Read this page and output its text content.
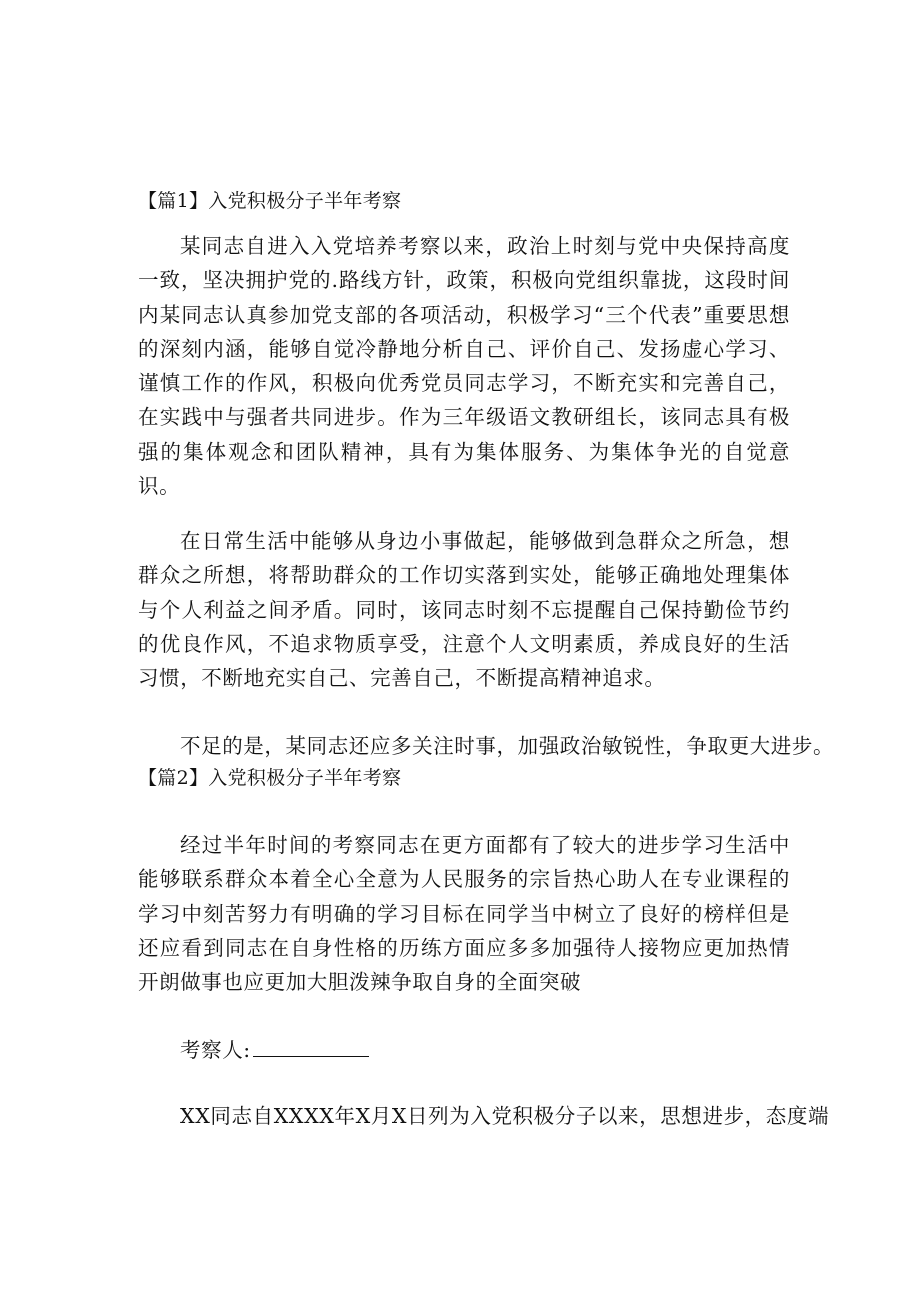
【篇1】入党积极分子半年考察
某同志自进入入党培养考察以来，政治上时刻与党中央保持高度一致，坚决拥护党的.路线方针，政策，积极向党组织靠拢，这段时间内某同志认真参加党支部的各项活动，积极学习“三个代表”重要思想的深刻内涵，能够自觉冷静地分析自己、评价自己、发扬虚心学习、谨慎工作的作风，积极向优秀党员同志学习，不断充实和完善自己，在实践中与强者共同进步。作为三年级语文教研组长，该同志具有极强的集体观念和团队精神，具有为集体服务、为集体争光的自觉意识。
在日常生活中能够从身边小事做起，能够做到急群众之所急，想群众之所想，将帮助群众的工作切实落到实处，能够正确地处理集体与个人利益之间矛盾。同时，该同志时刻不忘提醒自己保持勤俭节约的优良作风，不追求物质享受，注意个人文明素质，养成良好的生活习惯，不断地充实自己、完善自己，不断提高精神追求。
不足的是，某同志还应多关注时事，加强政治敏锐性，争取更大进步。
【篇2】入党积极分子半年考察
经过半年时间的考察同志在更方面都有了较大的进步学习生活中能够联系群众本着全心全意为人民服务的宗旨热心助人在专业课程的学习中刻苦努力有明确的学习目标在同学当中树立了良好的榜样但是还应看到同志在自身性格的历练方面应多多加强待人接物应更加热情开朗做事也应更加大胆泼辣争取自身的全面突破
考察人:
XX同志自XXXX年X月X日列为入党积极分子以来，思想进步，态度端
